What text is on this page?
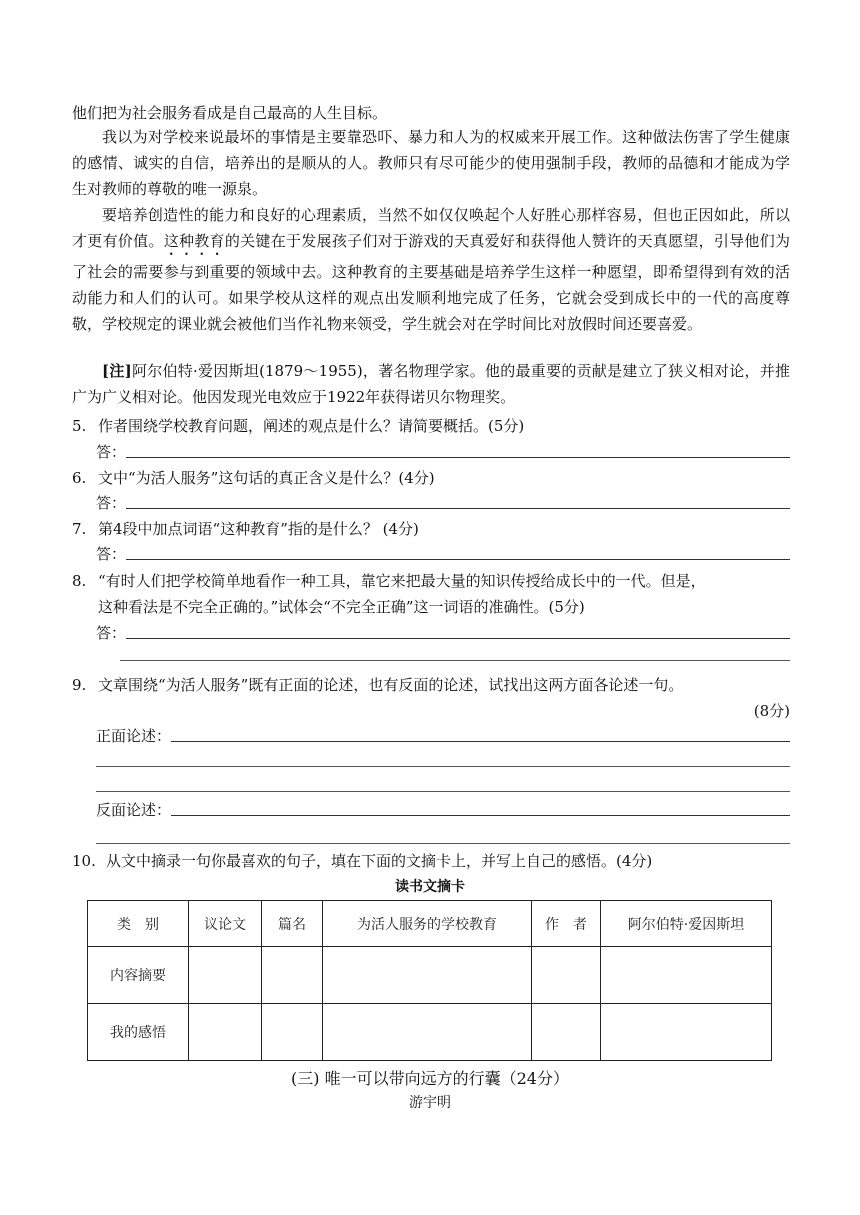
他们把为社会服务看成是自己最高的人生目标。
我以为对学校来说最坏的事情是主要靠恐吓、暴力和人为的权威来开展工作。这种做法伤害了学生健康的感情、诚实的自信，培养出的是顺从的人。教师只有尽可能少的使用强制手段，教师的品德和才能成为学生对教师的尊敬的唯一源泉。
要培养创造性的能力和良好的心理素质，当然不如仅仅唤起个人好胜心那样容易，但也正因如此，所以才更有价值。这种教育的关键在于发展孩子们对于游戏的天真爱好和获得他人赞许的天真愿望，引导他们为了社会的需要参与到重要的领域中去。这种教育的主要基础是培养学生这样一种愿望，即希望得到有效的活动能力和人们的认可。如果学校从这样的观点出发顺利地完成了任务，它就会受到成长中的一代的高度尊敬，学校规定的课业就会被他们当作礼物来领受，学生就会对在学时间比对放假时间还要喜爱。
[注]阿尔伯特·爱因斯坦(1879～1955)，著名物理学家。他的最重要的贡献是建立了狭义相对论，并推广为广义相对论。他因发现光电效应于1922年获得诺贝尔物理奖。
5. 作者围绕学校教育问题，阐述的观点是什么？请简要概括。(5分)
答：
6. 文中“为活人服务”这句话的真正含义是什么？(4分)
答：
7. 第4段中加点词语“这种教育”指的是什么？ (4分)
答：
8. “有时人们把学校简单地看作一种工具，靠它来把最大量的知识传授给成长中的一代。但是，
这种看法是不完全正确的。”试体会“不完全正确”这一词语的准确性。(5分)
答：
9. 文章围绕“为活人服务”既有正面的论述，也有反面的论述，试找出这两方面各论述一句。
(8分)
正面论述：
反面论述：
10. 从文中摘录一句你最喜欢的句子，填在下面的文摘卡上，并写上自己的感悟。(4分)
读书文摘卡
类　别	议论文	篇名	为活人服务的学校教育	作　者	阿尔伯特·爱因斯坦
内容摘要					
我的感悟					
(三) 唯一可以带向远方的行囊（24分）
游宇明
